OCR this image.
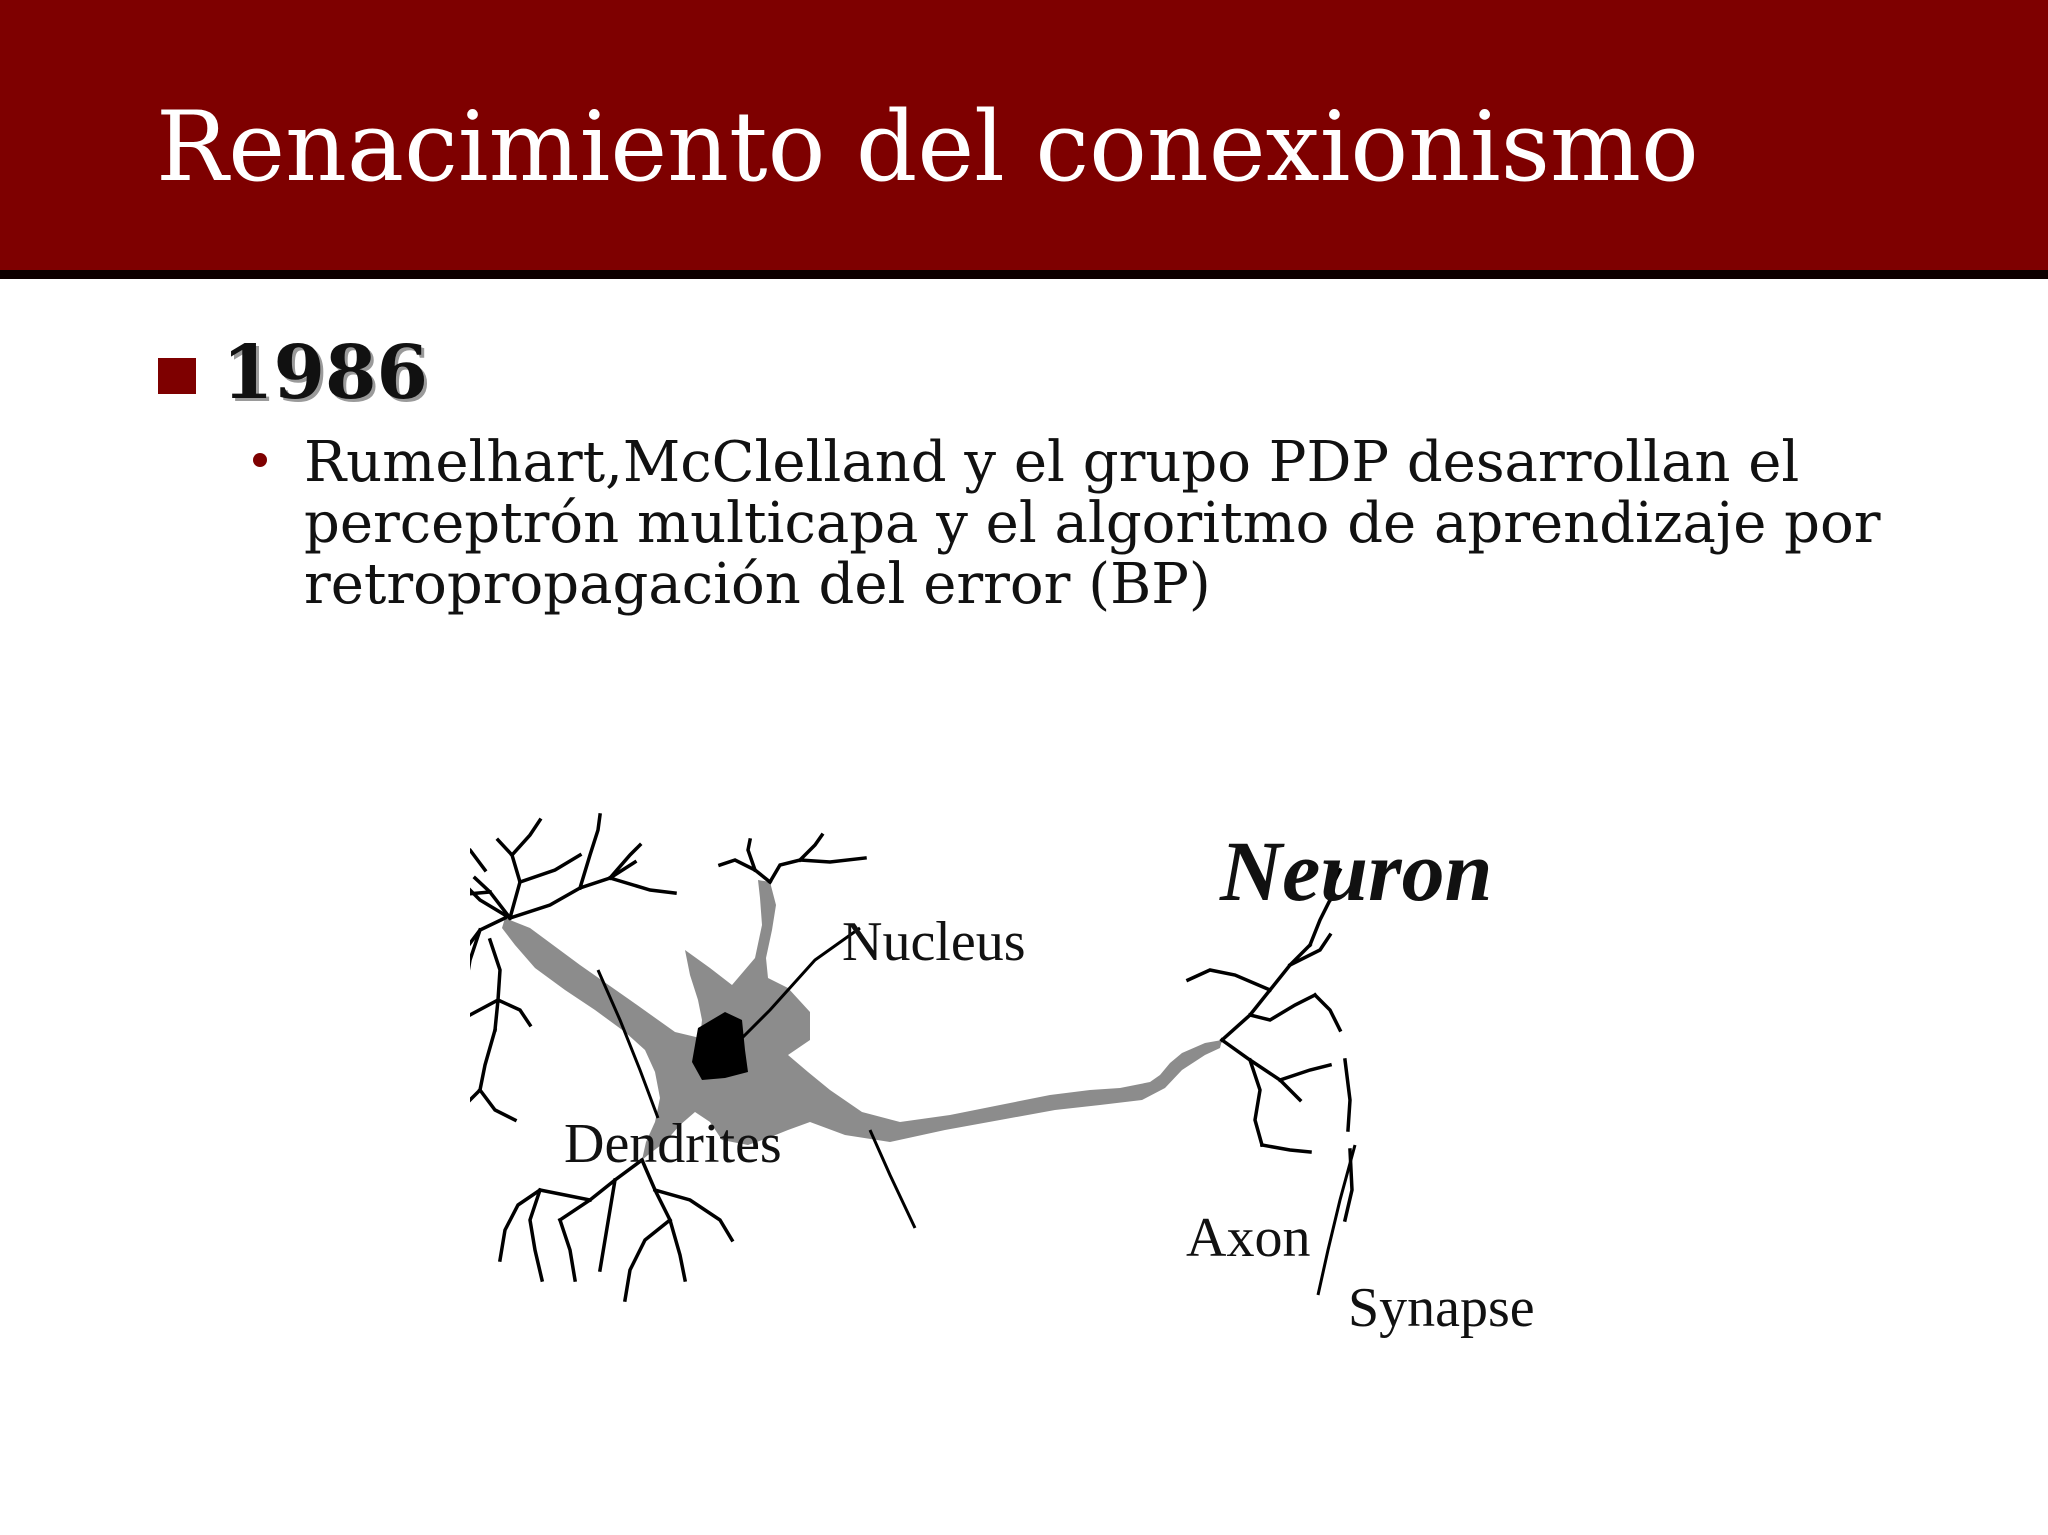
Renacimiento del conexionismo
1986
Rumelhart,McClelland y el grupo PDP desarrollan el
perceptrón multicapa y el algoritmo de aprendizaje por
retropropagación del error (BP)
Neuron
Nucleus
Dendrites
Axon
Synapse
